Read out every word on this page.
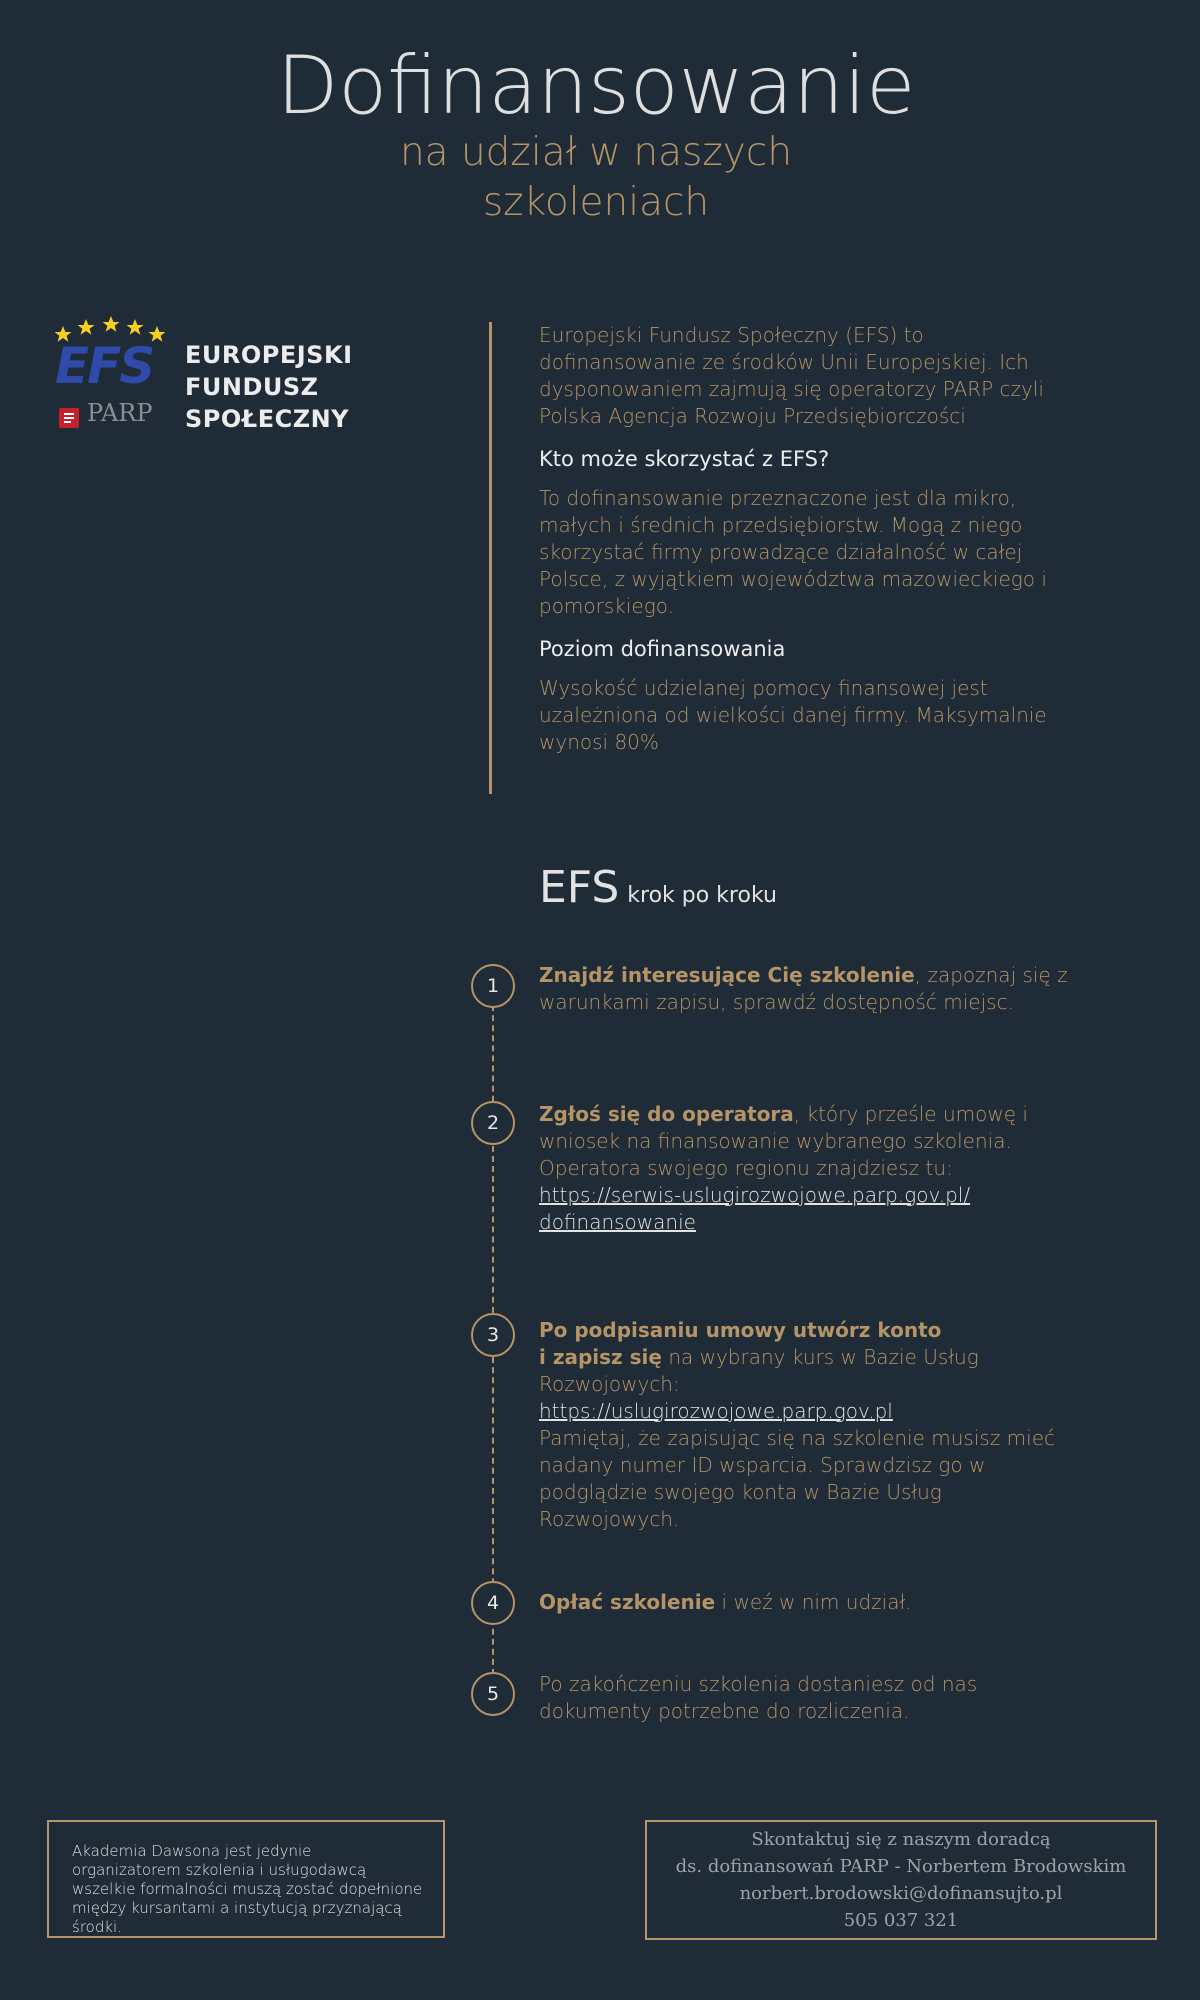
Dofinansowanie
na udział w naszych
szkoleniach
EFS
PARP
EUROPEJSKI
FUNDUSZ
SPOŁECZNY

Europejski Fundusz Społeczny (EFS) to dofinansowanie ze środków Unii Europejskiej. Ich dysponowaniem zajmują się operatorzy PARP czyli Polska Agencja Rozwoju Przedsiębiorczości

Kto może skorzystać z EFS?

To dofinansowanie przeznaczone jest dla mikro, małych i średnich przedsiębiorstw. Mogą z niego skorzystać firmy prowadzące działalność w całej Polsce, z wyjątkiem województwa mazowieckiego i pomorskiego.

Poziom dofinansowania

Wysokość udzielanej pomocy finansowej jest uzależniona od wielkości danej firmy. Maksymalnie wynosi 80%

EFS krok po kroku
1	Znajdź interesujące Cię szkolenie, zapoznaj się z warunkami zapisu, sprawdź dostępność miejsc.
2	Zgłoś się do operatora, który prześle umowę i wniosek na finansowanie wybranego szkolenia. Operatora swojego regionu znajdziesz tu:
https://serwis-uslugirozwojowe.parp.gov.pl/
dofinansowanie
3	Po podpisaniu umowy utwórz konto
i zapisz się na wybrany kurs w Bazie Usług Rozwojowych:
https://uslugirozwojowe.parp.gov.pl
Pamiętaj, że zapisując się na szkolenie musisz mieć nadany numer ID wsparcia. Sprawdzisz go w podglądzie swojego konta w Bazie Usług Rozwojowych.
4	Opłać szkolenie i weź w nim udział.
5	Po zakończeniu szkolenia dostaniesz od nas dokumenty potrzebne do rozliczenia.
Akademia Dawsona jest jedynie organizatorem szkolenia i usługodawcą wszelkie formalności muszą zostać dopełnione między kursantami a instytucją przyznającą środki.
Skontaktuj się z naszym doradcą
ds. dofinansowań PARP - Norbertem Brodowskim
norbert.brodowski@dofinansujto.pl
505 037 321
